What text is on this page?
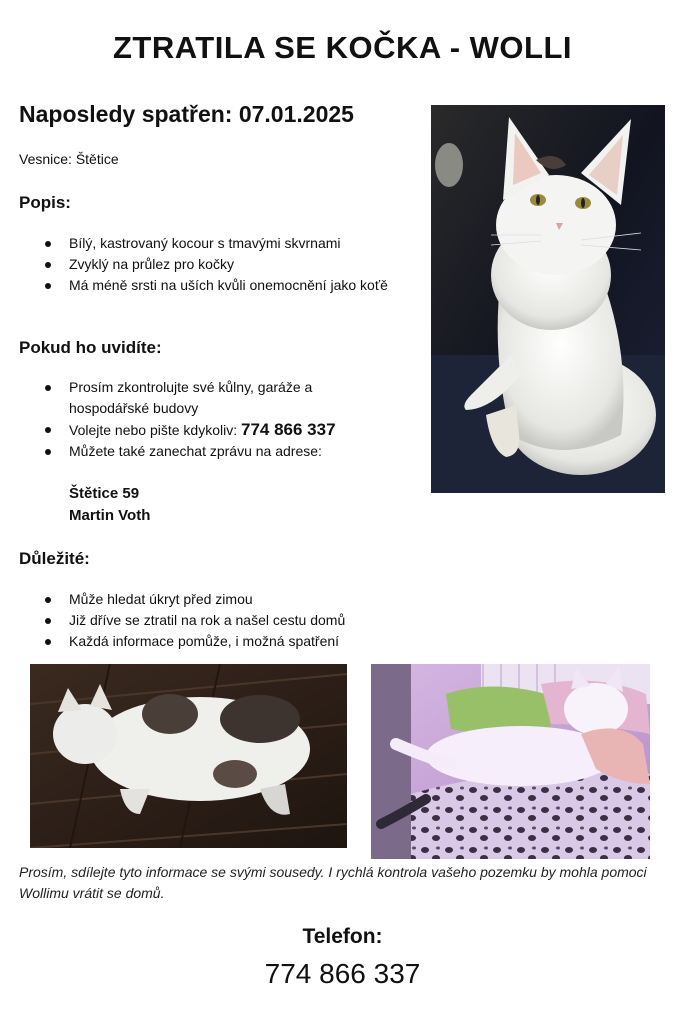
ZTRATILA SE KOČKA - WOLLI
Naposledy spatřen: 07.01.2025

Vesnice: Štětice

Popis:
Bílý, kastrovaný kocour s tmavými skvrnami
Zvyklý na průlez pro kočky
Má méně srsti na uších kvůli onemocnění jako koťě
Pokud ho uvidíte:
Prosím zkontrolujte své kůlny, garáže a hospodářské budovy
Volejte nebo pište kdykoliv: 774 866 337
Můžete také zanechat zprávu na adrese:
Štětice 59
Martin Voth
Důležité:
Může hledat úkryt před zimou
Již dříve se ztratil na rok a našel cestu domů
Každá informace pomůže, i možná spatření

Prosím, sdílejte tyto informace se svými sousedy. I rychlá kontrola vašeho pozemku by mohla pomoci Wollimu vrátit se domů.

Telefon:

774 866 337
